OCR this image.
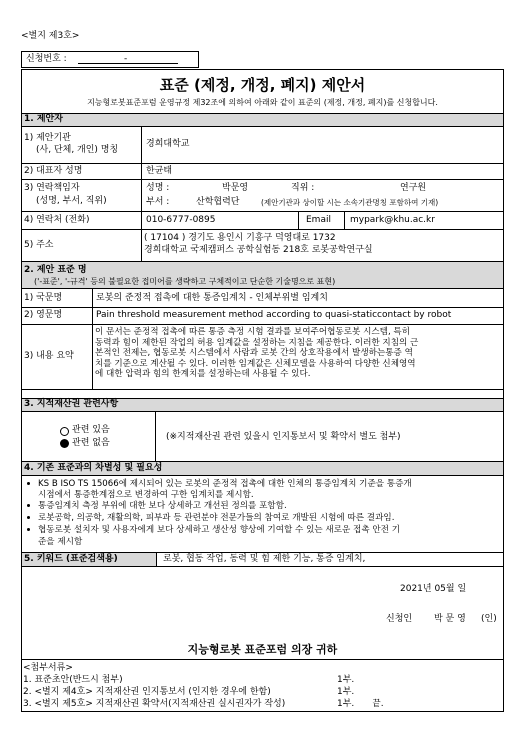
<별지 제3호>
신청번호 :	-
표준 (제정, 개정, 폐지) 제안서
지능형로봇표준포럼 운영규정 제32조에 의하여 아래와 같이 표준의 (제정, 개정, 폐지)를 신청합니다.
1. 제안자
1) 제안기관
(사, 단체, 개인) 명칭
경희대학교
2) 대표자 성명	한균태
3) 연락책임자
(성명, 부서, 직위)
성명 :	박문영	직위 :	연구원
부서 :	산학협력단	(제안기관과 상이할 시는 소속기관명칭 포함하여 기재)
4) 연락처 (전화)	010-6777-0895	Email mypark@khu.ac.kr
5) 주소
( 17104 ) 경기도 용인시 기흥구 덕영대로 1732
경희대학교 국제캠퍼스 공학실험동 218호 로봇공학연구실
2. 제안 표준 명
('-표준', '-규격' 등의 불필요한 접미어를 생략하고 구체적이고 단순한 기술명으로 표현)
1) 국문명	로봇의 준정적 접촉에 대한 통증임계치 - 인체부위별 임계치
2) 영문명	Pain threshold measurement method according to quasi-staticcontact by robot
3) 내용 요약
이 문서는 준정적 접촉에 따른 통증 측정 시험 결과를 보여주어협동로봇 시스템, 특히
동력과 힘이 제한된 작업의 허용 임계값을 설정하는 지침을 제공한다. 이러한 지침의 근
본적인 전제는, 협동로봇 시스템에서 사람과 로봇 간의 상호작용에서 발생하는통증 역
치를 기준으로 계산될 수 있다. 이러한 임계값은 신체모델을 사용하여 다양한 신체영역
에 대한 압력과 힘의 한계치를 설정하는데 사용될 수 있다.
3. 지적재산권 관련사항
관련 있음
관련 없음
(※지적재산권 관련 있을시 인지통보서 및 확약서 별도 첨부)
4. 기존 표준과의 차별성 및 필요성
KS B ISO TS 15066에 제시되어 있는 로봇의 준정적 접촉에 대한 인체의 통증임계치 기준을 통증개
시점에서 통증한계점으로 변경하여 구한 임계치를 제시함.
통증임계치 측정 부위에 대한 보다 상세하고 개선된 정의를 포함함.
로봇공학, 의공학, 재활의학, 피부과 등 관련분야 전문가들의 참여로 개발된 시험에 따른 결과임.
협동로봇 설치자 및 사용자에게 보다 상세하고 생산성 향상에 기여할 수 있는 새로운 접촉 안전 기
준을 제시함
5. 키워드 (표준검색용)	로봇, 협동 작업, 동력 및 힘 제한 기능, 통증 임계치,
2021년 05월 일
신청인 박 문 영 (인)
지능형로봇 표준포럼 의장 귀하
<첨부서류>
1. 표준초안(반드시 첨부)	1부.
2. <별지 제4호> 지적재산권 인지통보서 (인지한 경우에 한함)	1부.
3. <별지 제5호> 지적재산권 확약서(지적재산권 실시권자가 작성)	1부. 끝.
